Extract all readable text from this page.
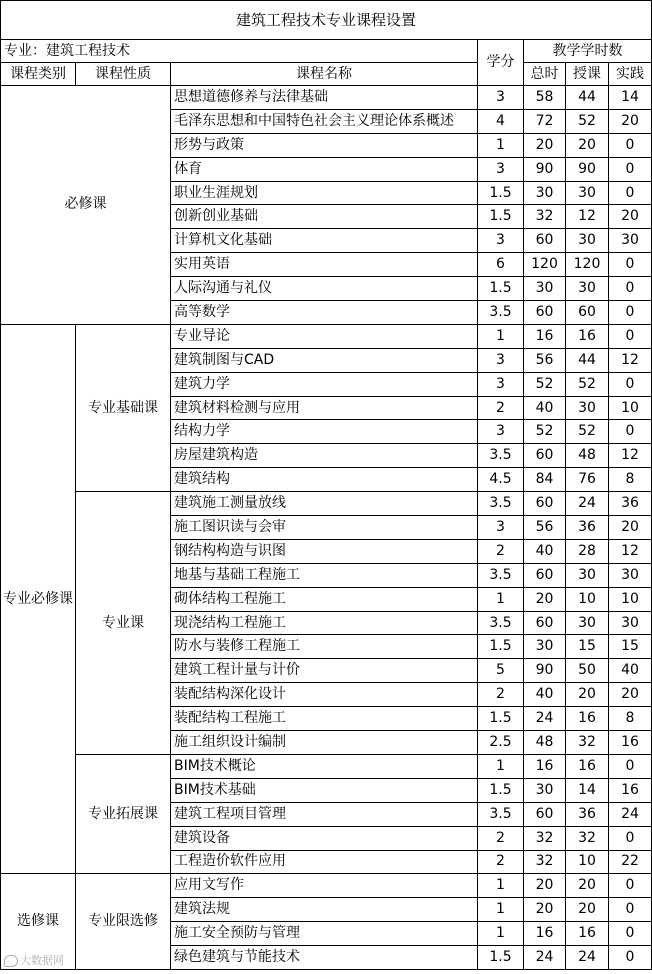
建筑工程技术专业课程设置						
专业：建筑工程技术			学分	教学学时数		
课程类别	课程性质	课程名称		总时	授课	实践
必修课		思想道德修养与法律基础	3	58	44	14
		毛泽东思想和中国特色社会主义理论体系概述	4	72	52	20
		形势与政策	1	20	20	0
		体育	3	90	90	0
		职业生涯规划	1.5	30	30	0
		创新创业基础	1.5	32	12	20
		计算机文化基础	3	60	30	30
		实用英语	6	120	120	0
		人际沟通与礼仪	1.5	30	30	0
		高等数学	3.5	60	60	0
专业必修课	专业基础课	专业导论	1	16	16	0
		建筑制图与CAD	3	56	44	12
		建筑力学	3	52	52	0
		建筑材料检测与应用	2	40	30	10
		结构力学	3	52	52	0
		房屋建筑构造	3.5	60	48	12
		建筑结构	4.5	84	76	8
	专业课	建筑施工测量放线	3.5	60	24	36
		施工图识读与会审	3	56	36	20
		钢结构构造与识图	2	40	28	12
		地基与基础工程施工	3.5	60	30	30
		砌体结构工程施工	1	20	10	10
		现浇结构工程施工	3.5	60	30	30
		防水与装修工程施工	1.5	30	15	15
		建筑工程计量与计价	5	90	50	40
		装配结构深化设计	2	40	20	20
		装配结构工程施工	1.5	24	16	8
		施工组织设计编制	2.5	48	32	16
	专业拓展课	BIM技术概论	1	16	16	0
		BIM技术基础	1.5	30	14	16
		建筑工程项目管理	3.5	60	36	24
		建筑设备	2	32	32	0
		工程造价软件应用	2	32	10	22
选修课	专业限选修	应用文写作	1	20	20	0
		建筑法规	1	20	20	0
		施工安全预防与管理	1	16	16	0
		绿色建筑与节能技术	1.5	24	24	0
大数据网
